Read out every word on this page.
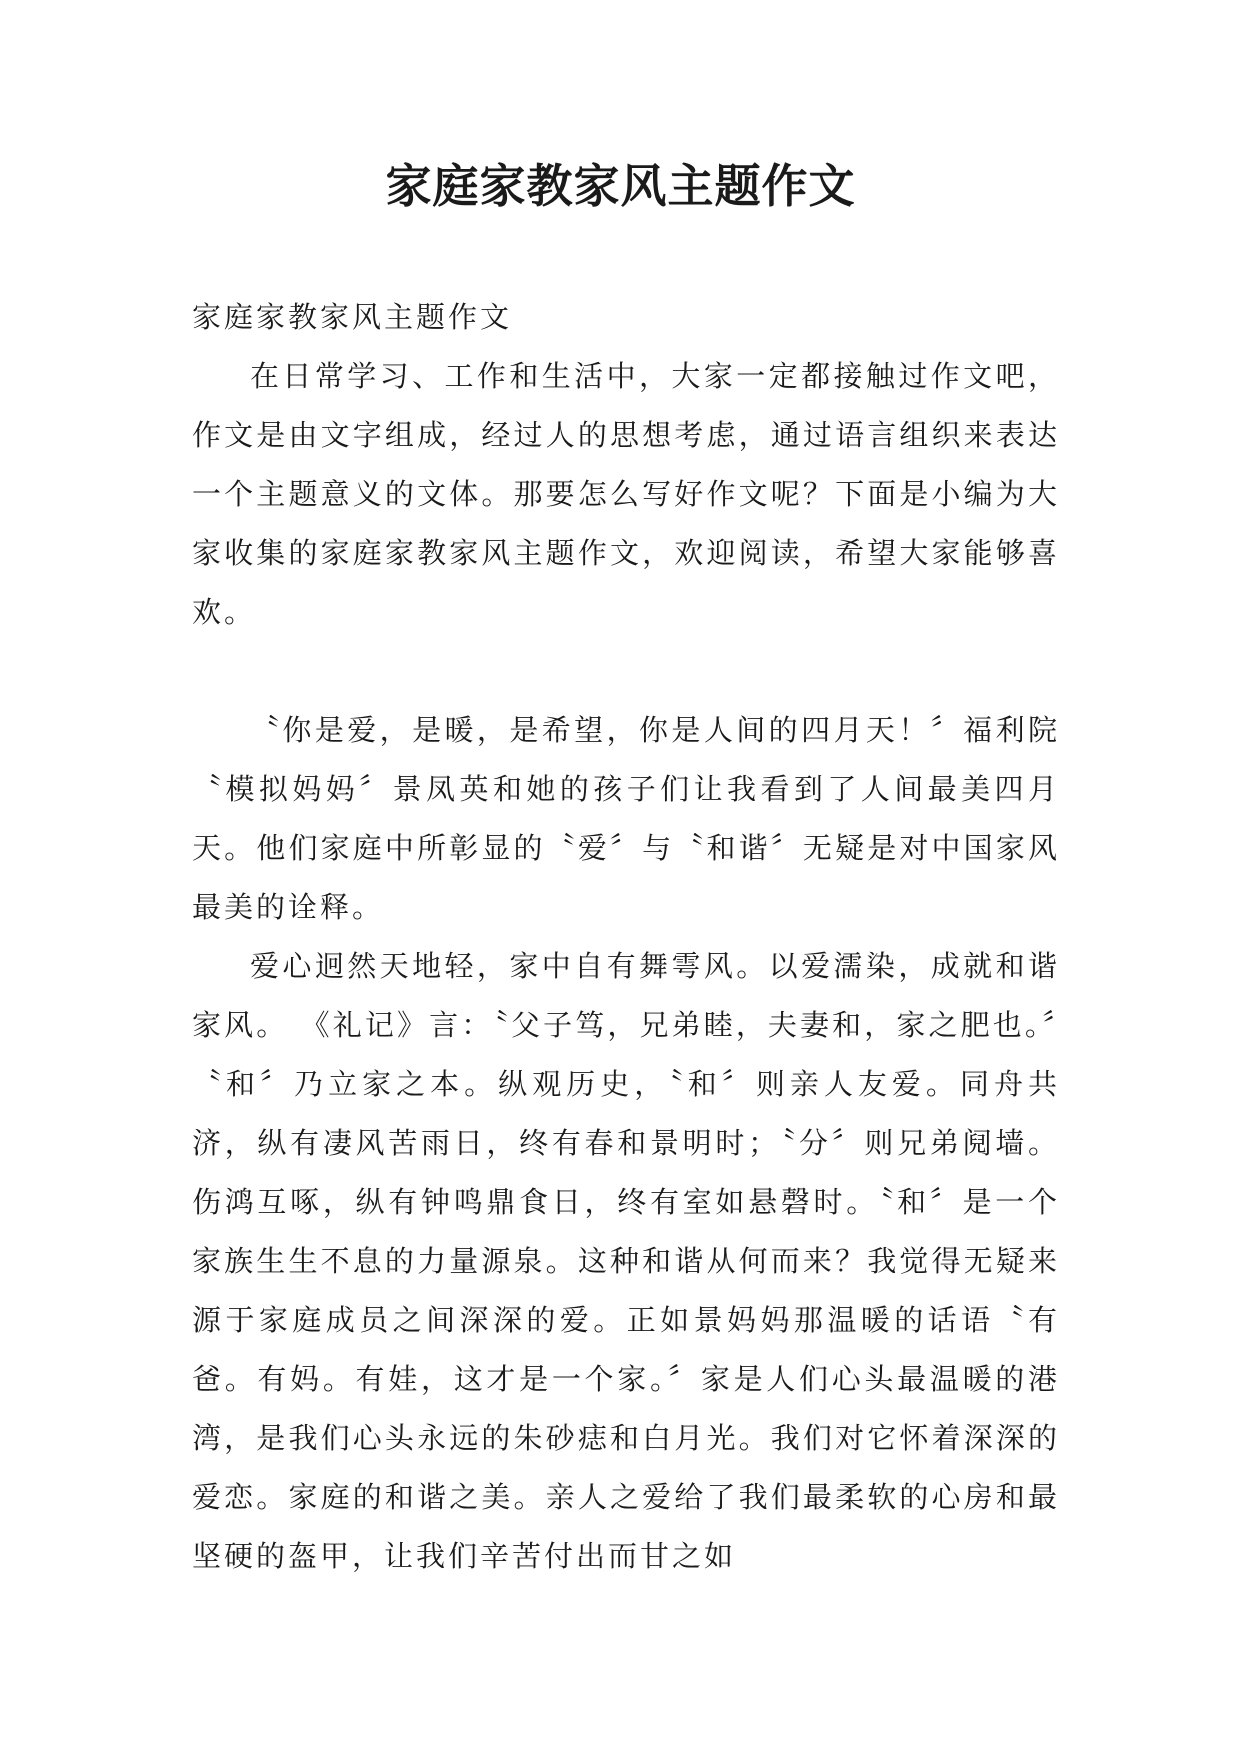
家庭家教家风主题作文

家庭家教家风主题作文

在日常学习、工作和生活中，大家一定都接触过作文吧，作文是由文字组成，经过人的思想考虑，通过语言组织来表达一个主题意义的文体。那要怎么写好作文呢？下面是小编为大家收集的家庭家教家风主题作文，欢迎阅读，希望大家能够喜欢。

〝你是爱，是暖，是希望，你是人间的四月天！〞福利院〝模拟妈妈〞景凤英和她的孩子们让我看到了人间最美四月天。他们家庭中所彰显的〝爱〞与〝和谐〞无疑是对中国家风最美的诠释。

爱心迥然天地轻，家中自有舞雩风。以爱濡染，成就和谐家风。 《礼记》言：〝父子笃，兄弟睦，夫妻和，家之肥也。〞〝和〞乃立家之本。纵观历史，〝和〞则亲人友爱。同舟共济，纵有凄风苦雨日，终有春和景明时；〝分〞则兄弟阋墙。伤鸿互啄，纵有钟鸣鼎食日，终有室如悬磬时。〝和〞是一个家族生生不息的力量源泉。这种和谐从何而来？我觉得无疑来源于家庭成员之间深深的爱。正如景妈妈那温暖的话语〝有爸。有妈。有娃，这才是一个家。〞家是人们心头最温暖的港湾，是我们心头永远的朱砂痣和白月光。我们对它怀着深深的爱恋。家庭的和谐之美。亲人之爱给了我们最柔软的心房和最坚硬的盔甲，让我们辛苦付出而甘之如
